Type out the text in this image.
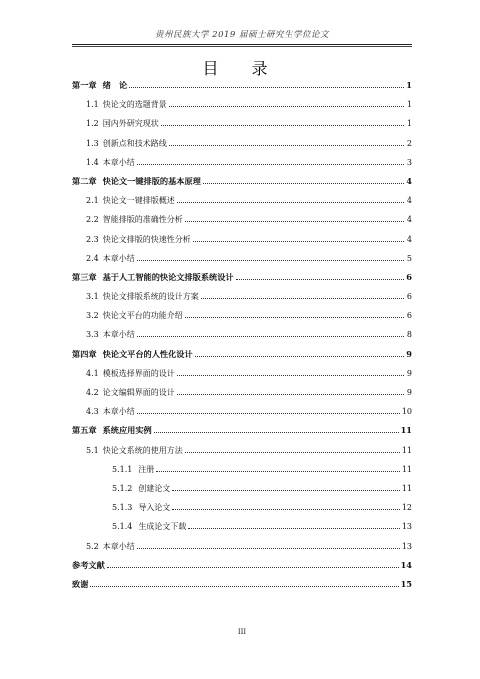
贵州民族大学 2019 届硕士研究生学位论文
目 录
第一章 绪　论	1
1.1 快论文的选题背景	1
1.2 国内外研究现状	1
1.3 创新点和技术路线	2
1.4 本章小结	3
第二章 快论文一键排版的基本原理	4
2.1 快论文一键排版概述	4
2.2 智能排版的准确性分析	4
2.3 快论文排版的快速性分析	4
2.4 本章小结	5
第三章 基于人工智能的快论文排版系统设计	6
3.1 快论文排版系统的设计方案	6
3.2 快论文平台的功能介绍	6
3.3 本章小结	8
第四章 快论文平台的人性化设计	9
4.1 模板选择界面的设计	9
4.2 论文编辑界面的设计	9
4.3 本章小结	10
第五章 系统应用实例	11
5.1 快论文系统的使用方法	11
5.1.1 注册	11
5.1.2 创建论文	11
5.1.3 导入论文	12
5.1.4 生成论文下载	13
5.2 本章小结	13
参考文献	14
致谢	15
III
